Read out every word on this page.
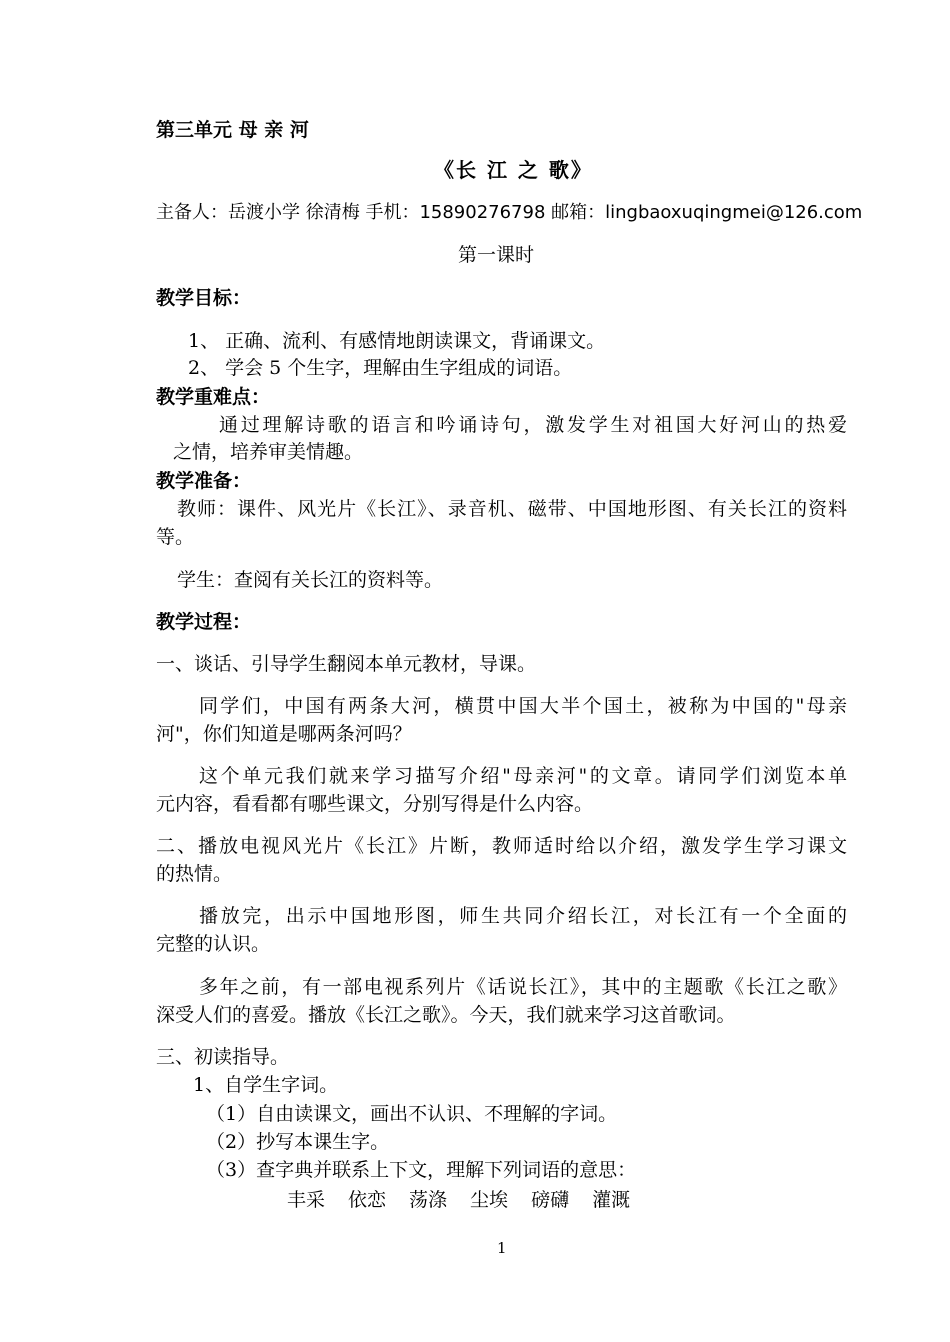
第三单元 母 亲 河
《长 江 之 歌》
主备人：岳渡小学 徐清梅 手机：15890276798 邮箱：lingbaoxuqingmei@126.com
第一课时
教学目标：
1、 正确、流利、有感情地朗读课文，背诵课文。
2、 学会 5 个生字，理解由生字组成的词语。
教学重难点：
通过理解诗歌的语言和吟诵诗句，激发学生对祖国大好河山的热爱
之情，培养审美情趣。
教学准备：
教师：课件、风光片《长江》、录音机、磁带、中国地形图、有关长江的资料
等。
学生：查阅有关长江的资料等。
教学过程：
一、谈话、引导学生翻阅本单元教材，导课。
同学们，中国有两条大河，横贯中国大半个国土，被称为中国的"母亲
河"，你们知道是哪两条河吗？
这个单元我们就来学习描写介绍"母亲河"的文章。请同学们浏览本单
元内容，看看都有哪些课文，分别写得是什么内容。
二、播放电视风光片《长江》片断，教师适时给以介绍，激发学生学习课文
的热情。
播放完，出示中国地形图，师生共同介绍长江，对长江有一个全面的
完整的认识。
多年之前，有一部电视系列片《话说长江》，其中的主题歌《长江之歌》
深受人们的喜爱。播放《长江之歌》。今天，我们就来学习这首歌词。
三、初读指导。
1、自学生字词。
（1）自由读课文，画出不认识、不理解的字词。
（2）抄写本课生字。
（3）查字典并联系上下文，理解下列词语的意思：
丰采 依恋 荡涤 尘埃 磅礴 灌溉
1
